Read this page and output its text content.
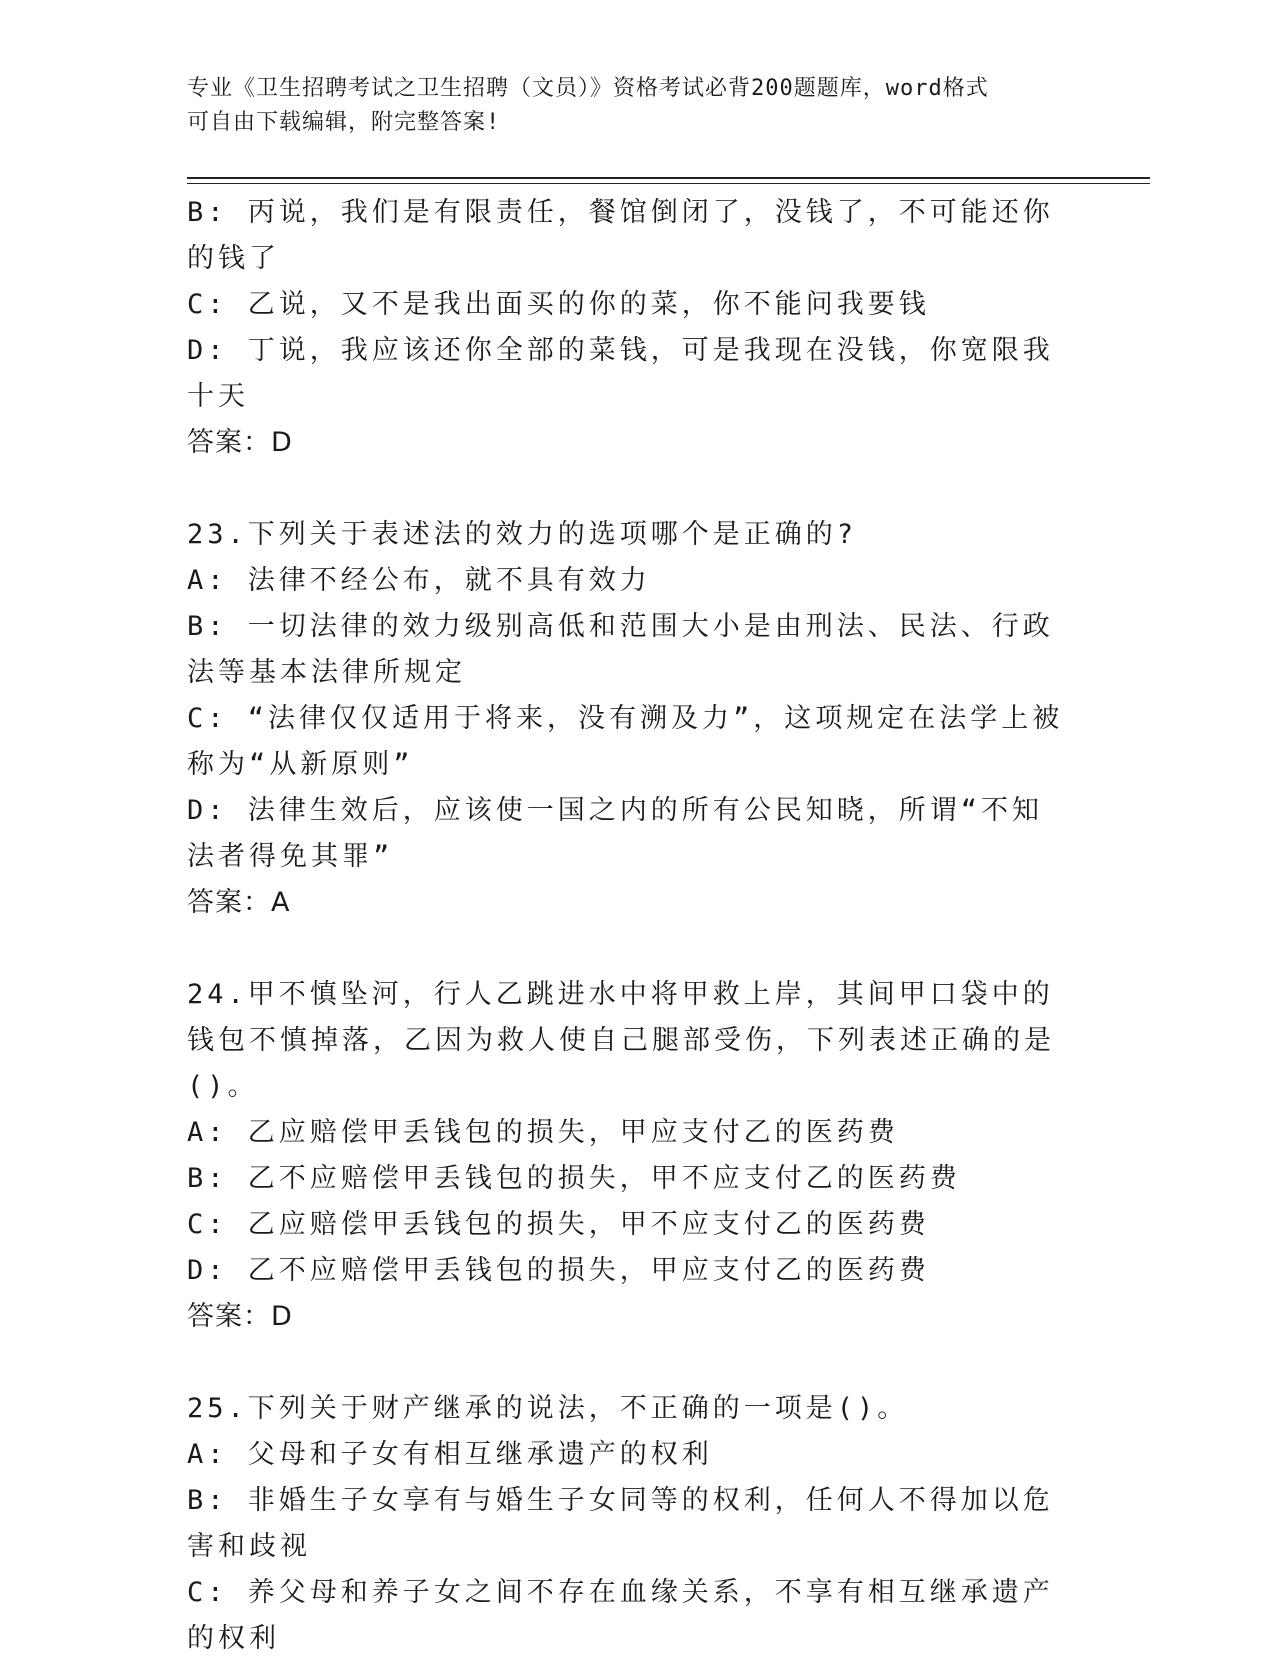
专业《卫生招聘考试之卫生招聘（文员）》资格考试必背200题题库，word格式
可自由下载编辑，附完整答案!

B: 丙说，我们是有限责任，餐馆倒闭了，没钱了，不可能还你的钱了

C: 乙说，又不是我出面买的你的菜，你不能问我要钱

D: 丁说，我应该还你全部的菜钱，可是我现在没钱，你宽限我十天

答案：D

23.下列关于表述法的效力的选项哪个是正确的?

A: 法律不经公布，就不具有效力

B: 一切法律的效力级别高低和范围大小是由刑法、民法、行政法等基本法律所规定

C: “法律仅仅适用于将来，没有溯及力”，这项规定在法学上被称为“从新原则”

D: 法律生效后，应该使一国之内的所有公民知晓，所谓“不知法者得免其罪”

答案：A

24.甲不慎坠河，行人乙跳进水中将甲救上岸，其间甲口袋中的钱包不慎掉落，乙因为救人使自己腿部受伤，下列表述正确的是()。

A: 乙应赔偿甲丢钱包的损失，甲应支付乙的医药费

B: 乙不应赔偿甲丢钱包的损失，甲不应支付乙的医药费

C: 乙应赔偿甲丢钱包的损失，甲不应支付乙的医药费

D: 乙不应赔偿甲丢钱包的损失，甲应支付乙的医药费

答案：D

25.下列关于财产继承的说法，不正确的一项是()。

A: 父母和子女有相互继承遗产的权利

B: 非婚生子女享有与婚生子女同等的权利，任何人不得加以危害和歧视

C: 养父母和养子女之间不存在血缘关系，不享有相互继承遗产的权利
